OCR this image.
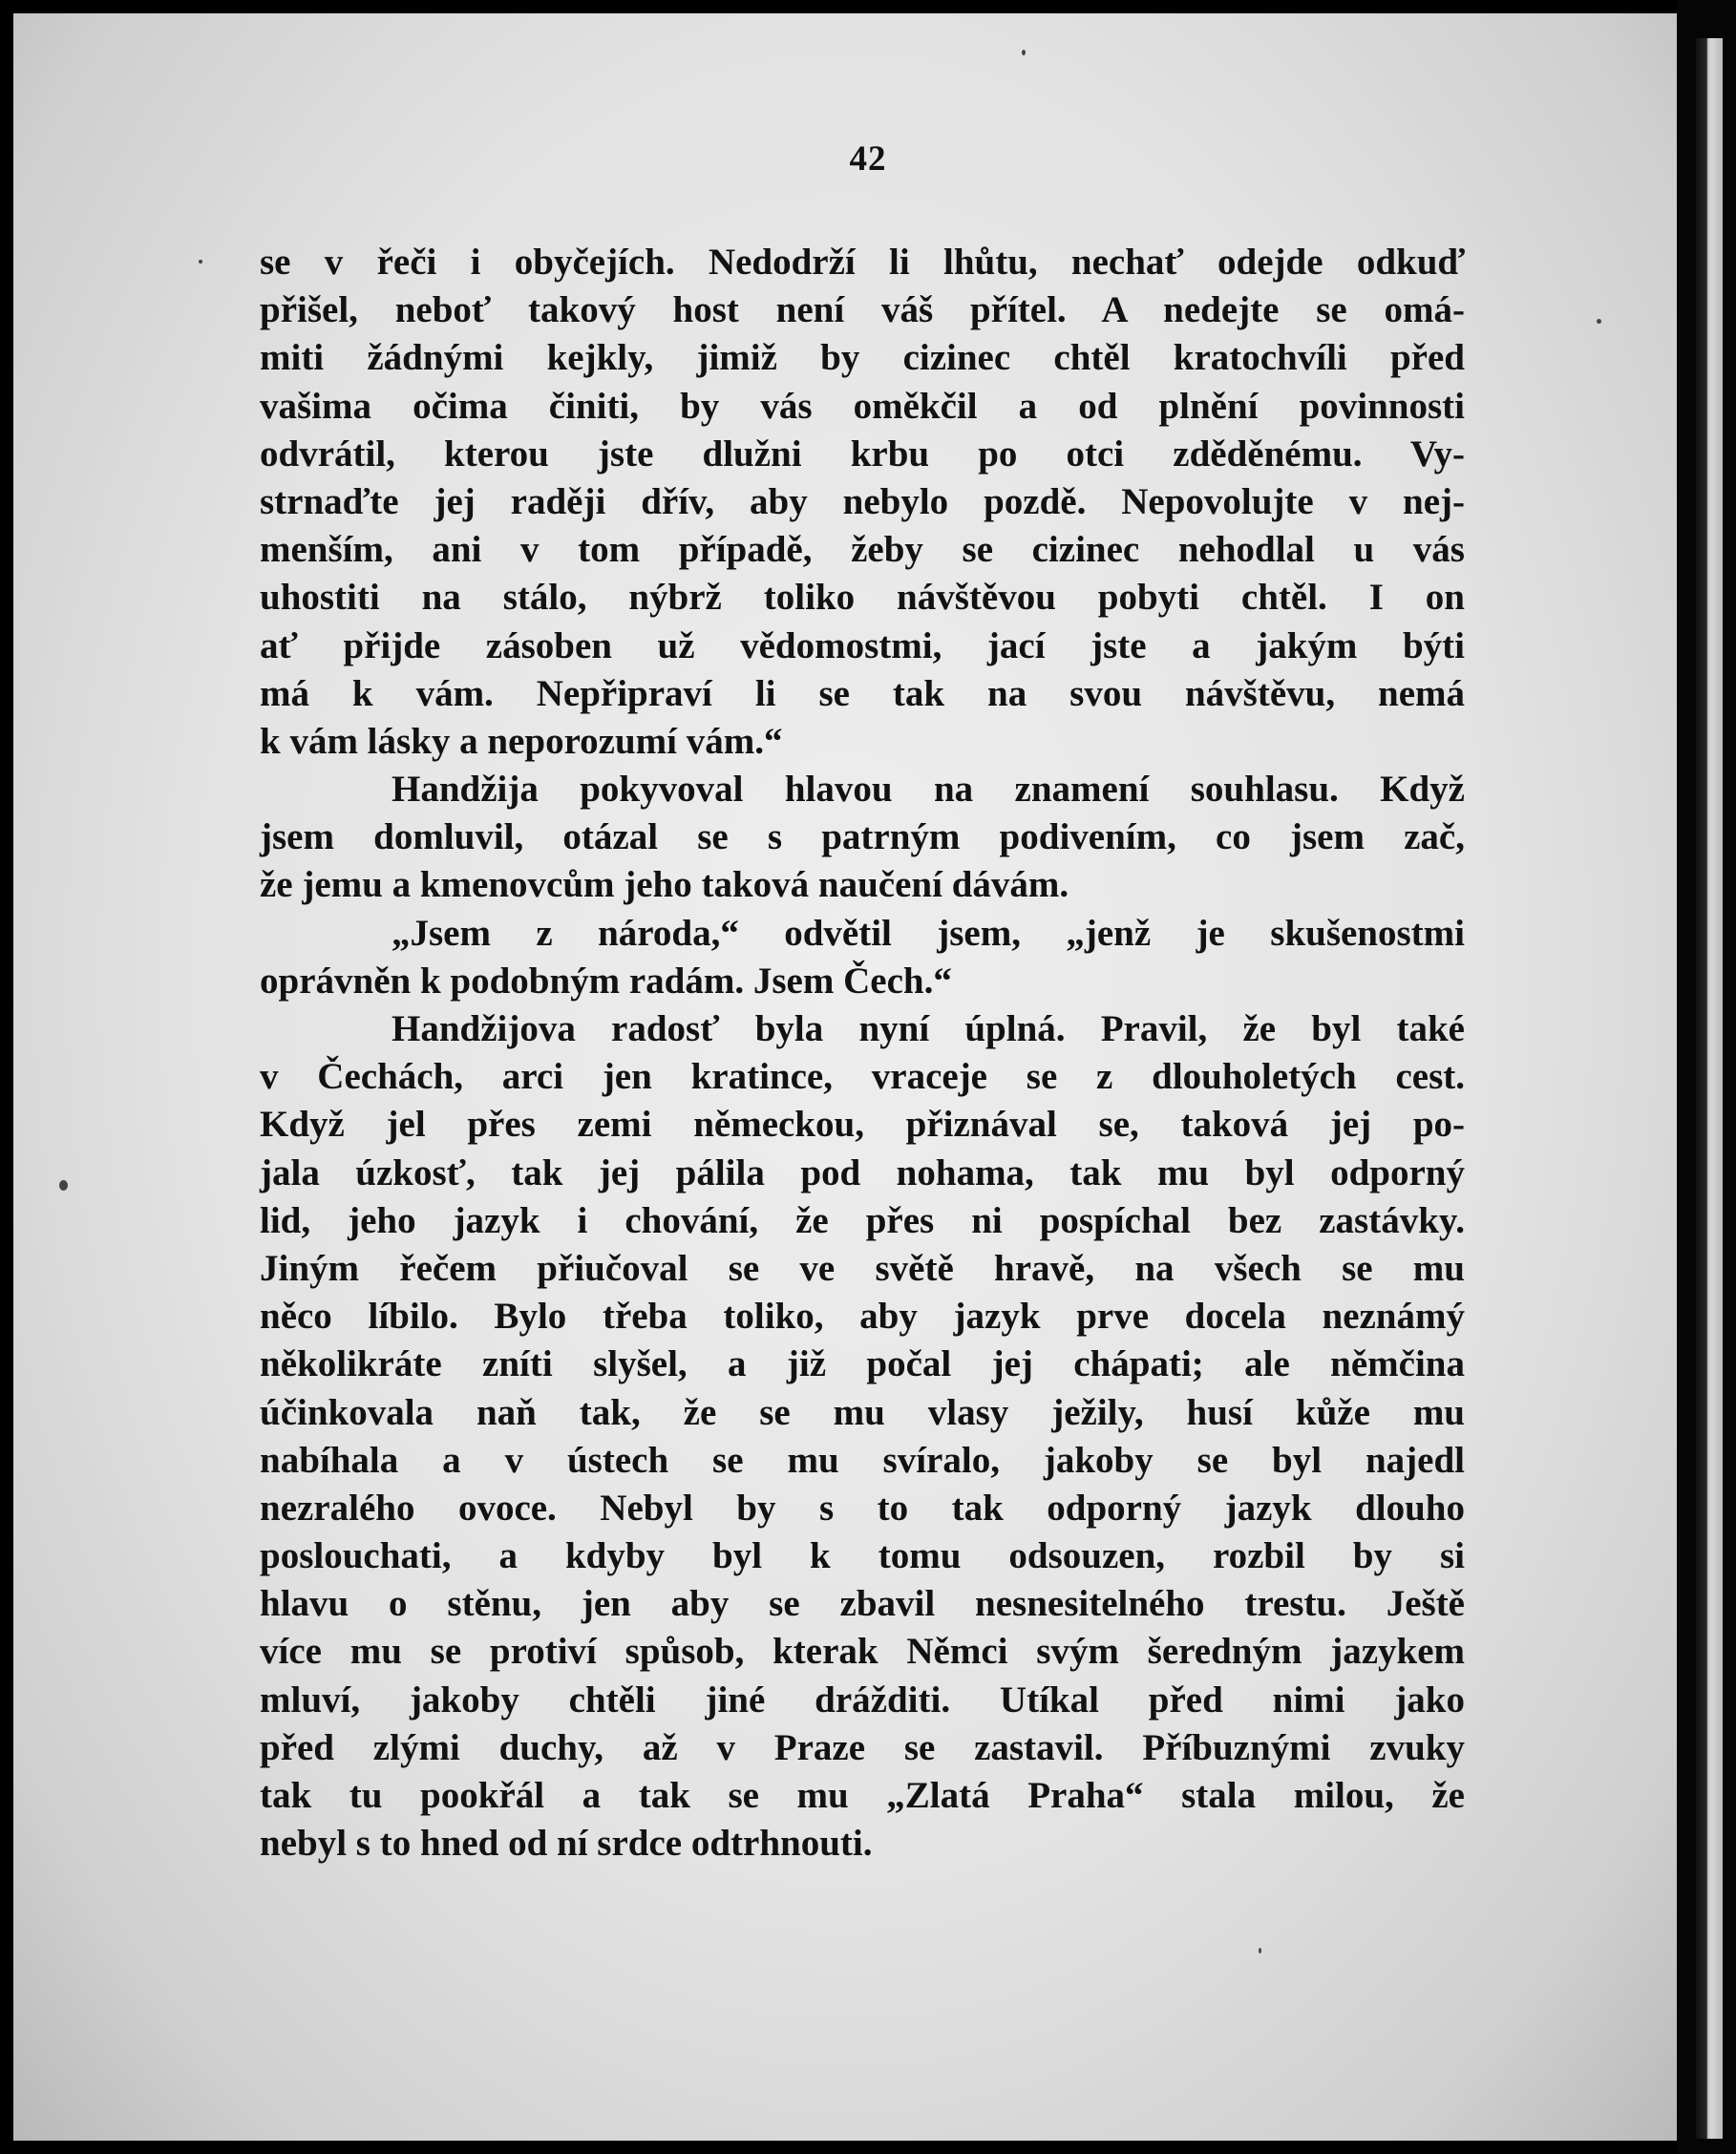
42
se v řeči i obyčejích. Nedodrží li lhůtu, nechať odejde odkuď
přišel, neboť takový host není váš přítel. A nedejte se omá-
miti žádnými kejkly, jimiž by cizinec chtěl kratochvíli před
vašima očima činiti, by vás oměkčil a od plnění povinnosti
odvrátil, kterou jste dlužni krbu po otci zděděnému. Vy-
strnaďte jej raději dřív, aby nebylo pozdě. Nepovolujte v nej-
menším, ani v tom případě, žeby se cizinec nehodlal u vás
uhostiti na stálo, nýbrž toliko návštěvou pobyti chtěl. I on
ať přijde zásoben už vědomostmi, jací jste a jakým býti
má k vám. Nepřipraví li se tak na svou návštěvu, nemá
k vám lásky a neporozumí vám.“
Handžija pokyvoval hlavou na znamení souhlasu. Když
jsem domluvil, otázal se s patrným podivením, co jsem zač,
že jemu a kmenovcům jeho taková naučení dávám.
„Jsem z národa,“ odvětil jsem, „jenž je skušenostmi
oprávněn k podobným radám. Jsem Čech.“
Handžijova radosť byla nyní úplná. Pravil, že byl také
v Čechách, arci jen kratince, vraceje se z dlouholetých cest.
Když jel přes zemi německou, přiznával se, taková jej po-
jala úzkosť, tak jej pálila pod nohama, tak mu byl odporný
lid, jeho jazyk i chování, že přes ni pospíchal bez zastávky.
Jiným řečem přiučoval se ve světě hravě, na všech se mu
něco líbilo. Bylo třeba toliko, aby jazyk prve docela neznámý
několikráte zníti slyšel, a již počal jej chápati; ale němčina
účinkovala naň tak, že se mu vlasy ježily, husí kůže mu
nabíhala a v ústech se mu svíralo, jakoby se byl najedl
nezralého ovoce. Nebyl by s to tak odporný jazyk dlouho
poslouchati, a kdyby byl k tomu odsouzen, rozbil by si
hlavu o stěnu, jen aby se zbavil nesnesitelného trestu. Ještě
více mu se protiví spůsob, kterak Němci svým šeredným jazykem
mluví, jakoby chtěli jiné drážditi. Utíkal před nimi jako
před zlými duchy, až v Praze se zastavil. Příbuznými zvuky
tak tu pookřál a tak se mu „Zlatá Praha“ stala milou, že
nebyl s to hned od ní srdce odtrhnouti.
